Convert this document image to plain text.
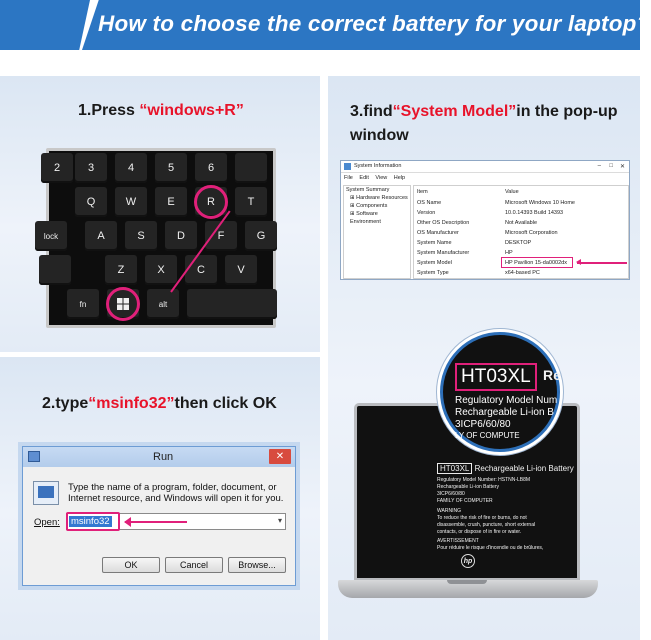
How to choose the correct battery for your laptop?
1.Press “windows+R”
2	3	4	5	6
Q	W	E	R	T
lock	A	S	D	F	G
Z	X	C	V
fn	alt
2.type“msinfo32”then click OK
Run	✕
Type the name of a program, folder, document, or Internet resource, and Windows will open it for you.
Open: msinfo32	▾
OK	Cancel	Browse...
3.find“System Model”in the pop-up
window
System Information	– □ ✕
File Edit View Help
System Summary
⊞ Hardware Resources
⊞ Components
⊞ Software Environment
Item	Value
OS Name	Microsoft Windows 10 Home
Version	10.0.14393 Build 14393
Other OS Description	Not Available
OS Manufacturer	Microsoft Corporation
System Name	DESKTOP
System Manufacturer	HP
System Model	HP Pavilion 15-da0002dx
System Type	x64-based PC
HT03XL Rechargeable Li-ion Battery
Regulatory Model Number: HSTNN-LB8M
Rechargeable Li-ion Battery
3ICP6/60/80
FAMILY OF COMPUTER
WARNING
To reduce the risk of fire or burns, do not
disassemble, crush, puncture, short external
contacts, or dispose of in fire or water.
AVERTISSEMENT
Pour réduire le risque d'incendie ou de brûlures,
hp
HT03XL Re
Regulatory Model Num
Rechargeable Li-ion B
3ICP6/60/80
LY OF COMPUTE
